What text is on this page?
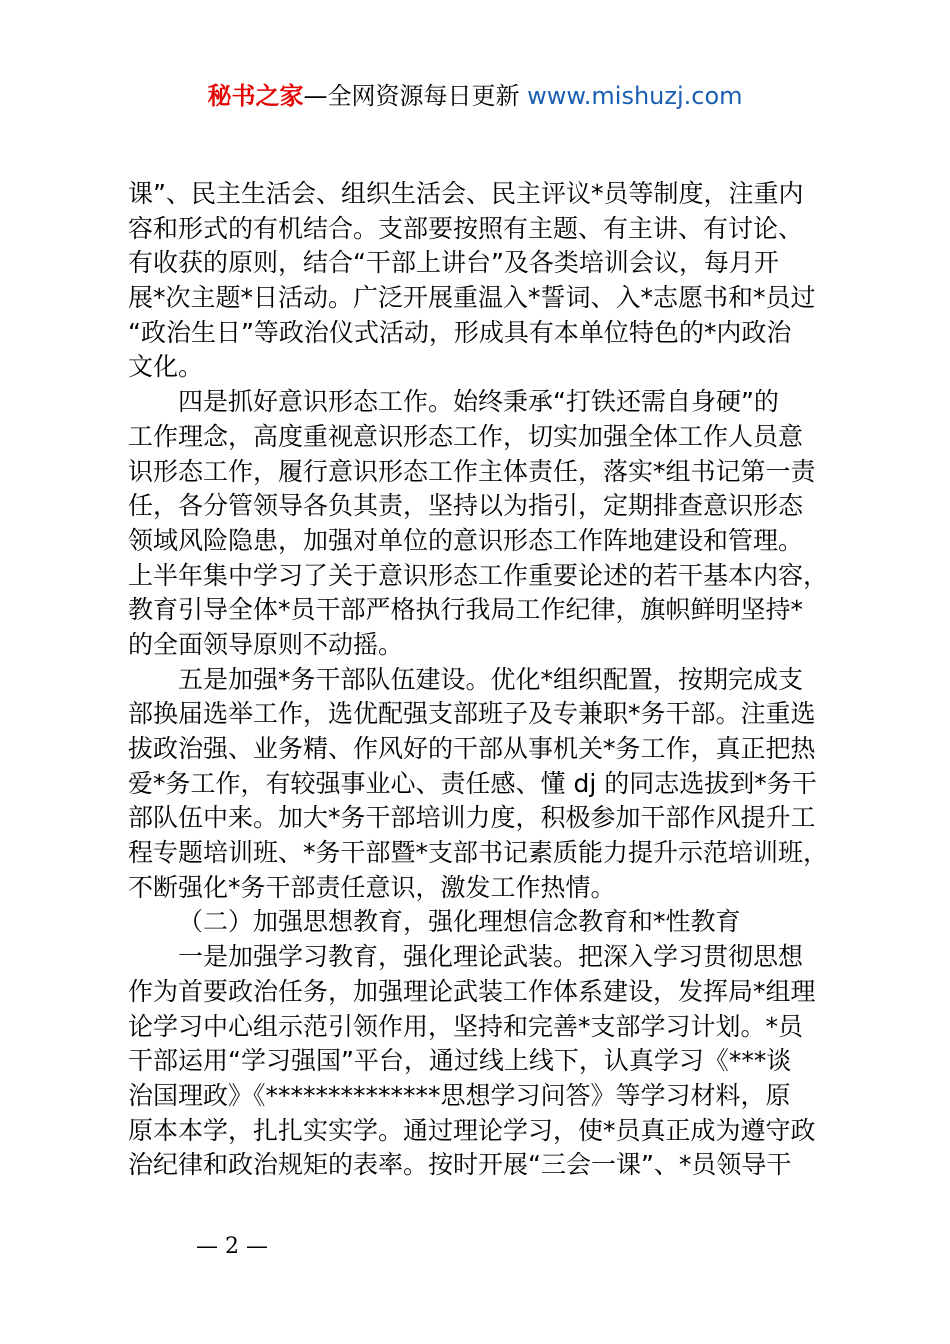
秘书之家—全网资源每日更新 www.mishuzj.com
课”、民主生活会、组织生活会、民主评议*员等制度，注重内
容和形式的有机结合。支部要按照有主题、有主讲、有讨论、
有收获的原则，结合“干部上讲台”及各类培训会议，每月开
展*次主题*日活动。广泛开展重温入*誓词、入*志愿书和*员过
“政治生日”等政治仪式活动，形成具有本单位特色的*内政治
文化。
四是抓好意识形态工作。始终秉承“打铁还需自身硬”的
工作理念，高度重视意识形态工作，切实加强全体工作人员意
识形态工作，履行意识形态工作主体责任，落实*组书记第一责
任，各分管领导各负其责，坚持以为指引，定期排查意识形态
领域风险隐患，加强对单位的意识形态工作阵地建设和管理。
上半年集中学习了关于意识形态工作重要论述的若干基本内容，
教育引导全体*员干部严格执行我局工作纪律，旗帜鲜明坚持*
的全面领导原则不动摇。
五是加强*务干部队伍建设。优化*组织配置，按期完成支
部换届选举工作，选优配强支部班子及专兼职*务干部。注重选
拔政治强、业务精、作风好的干部从事机关*务工作，真正把热
爱*务工作，有较强事业心、责任感、懂 dj 的同志选拔到*务干
部队伍中来。加大*务干部培训力度，积极参加干部作风提升工
程专题培训班、*务干部暨*支部书记素质能力提升示范培训班，
不断强化*务干部责任意识，激发工作热情。
（二）加强思想教育，强化理想信念教育和*性教育
一是加强学习教育，强化理论武装。把深入学习贯彻思想
作为首要政治任务，加强理论武装工作体系建设，发挥局*组理
论学习中心组示范引领作用，坚持和完善*支部学习计划。*员
干部运用“学习强国”平台，通过线上线下，认真学习《***谈
治国理政》《**************思想学习问答》等学习材料，原
原本本学，扎扎实实学。通过理论学习，使*员真正成为遵守政
治纪律和政治规矩的表率。按时开展“三会一课”、*员领导干
— 2 —
